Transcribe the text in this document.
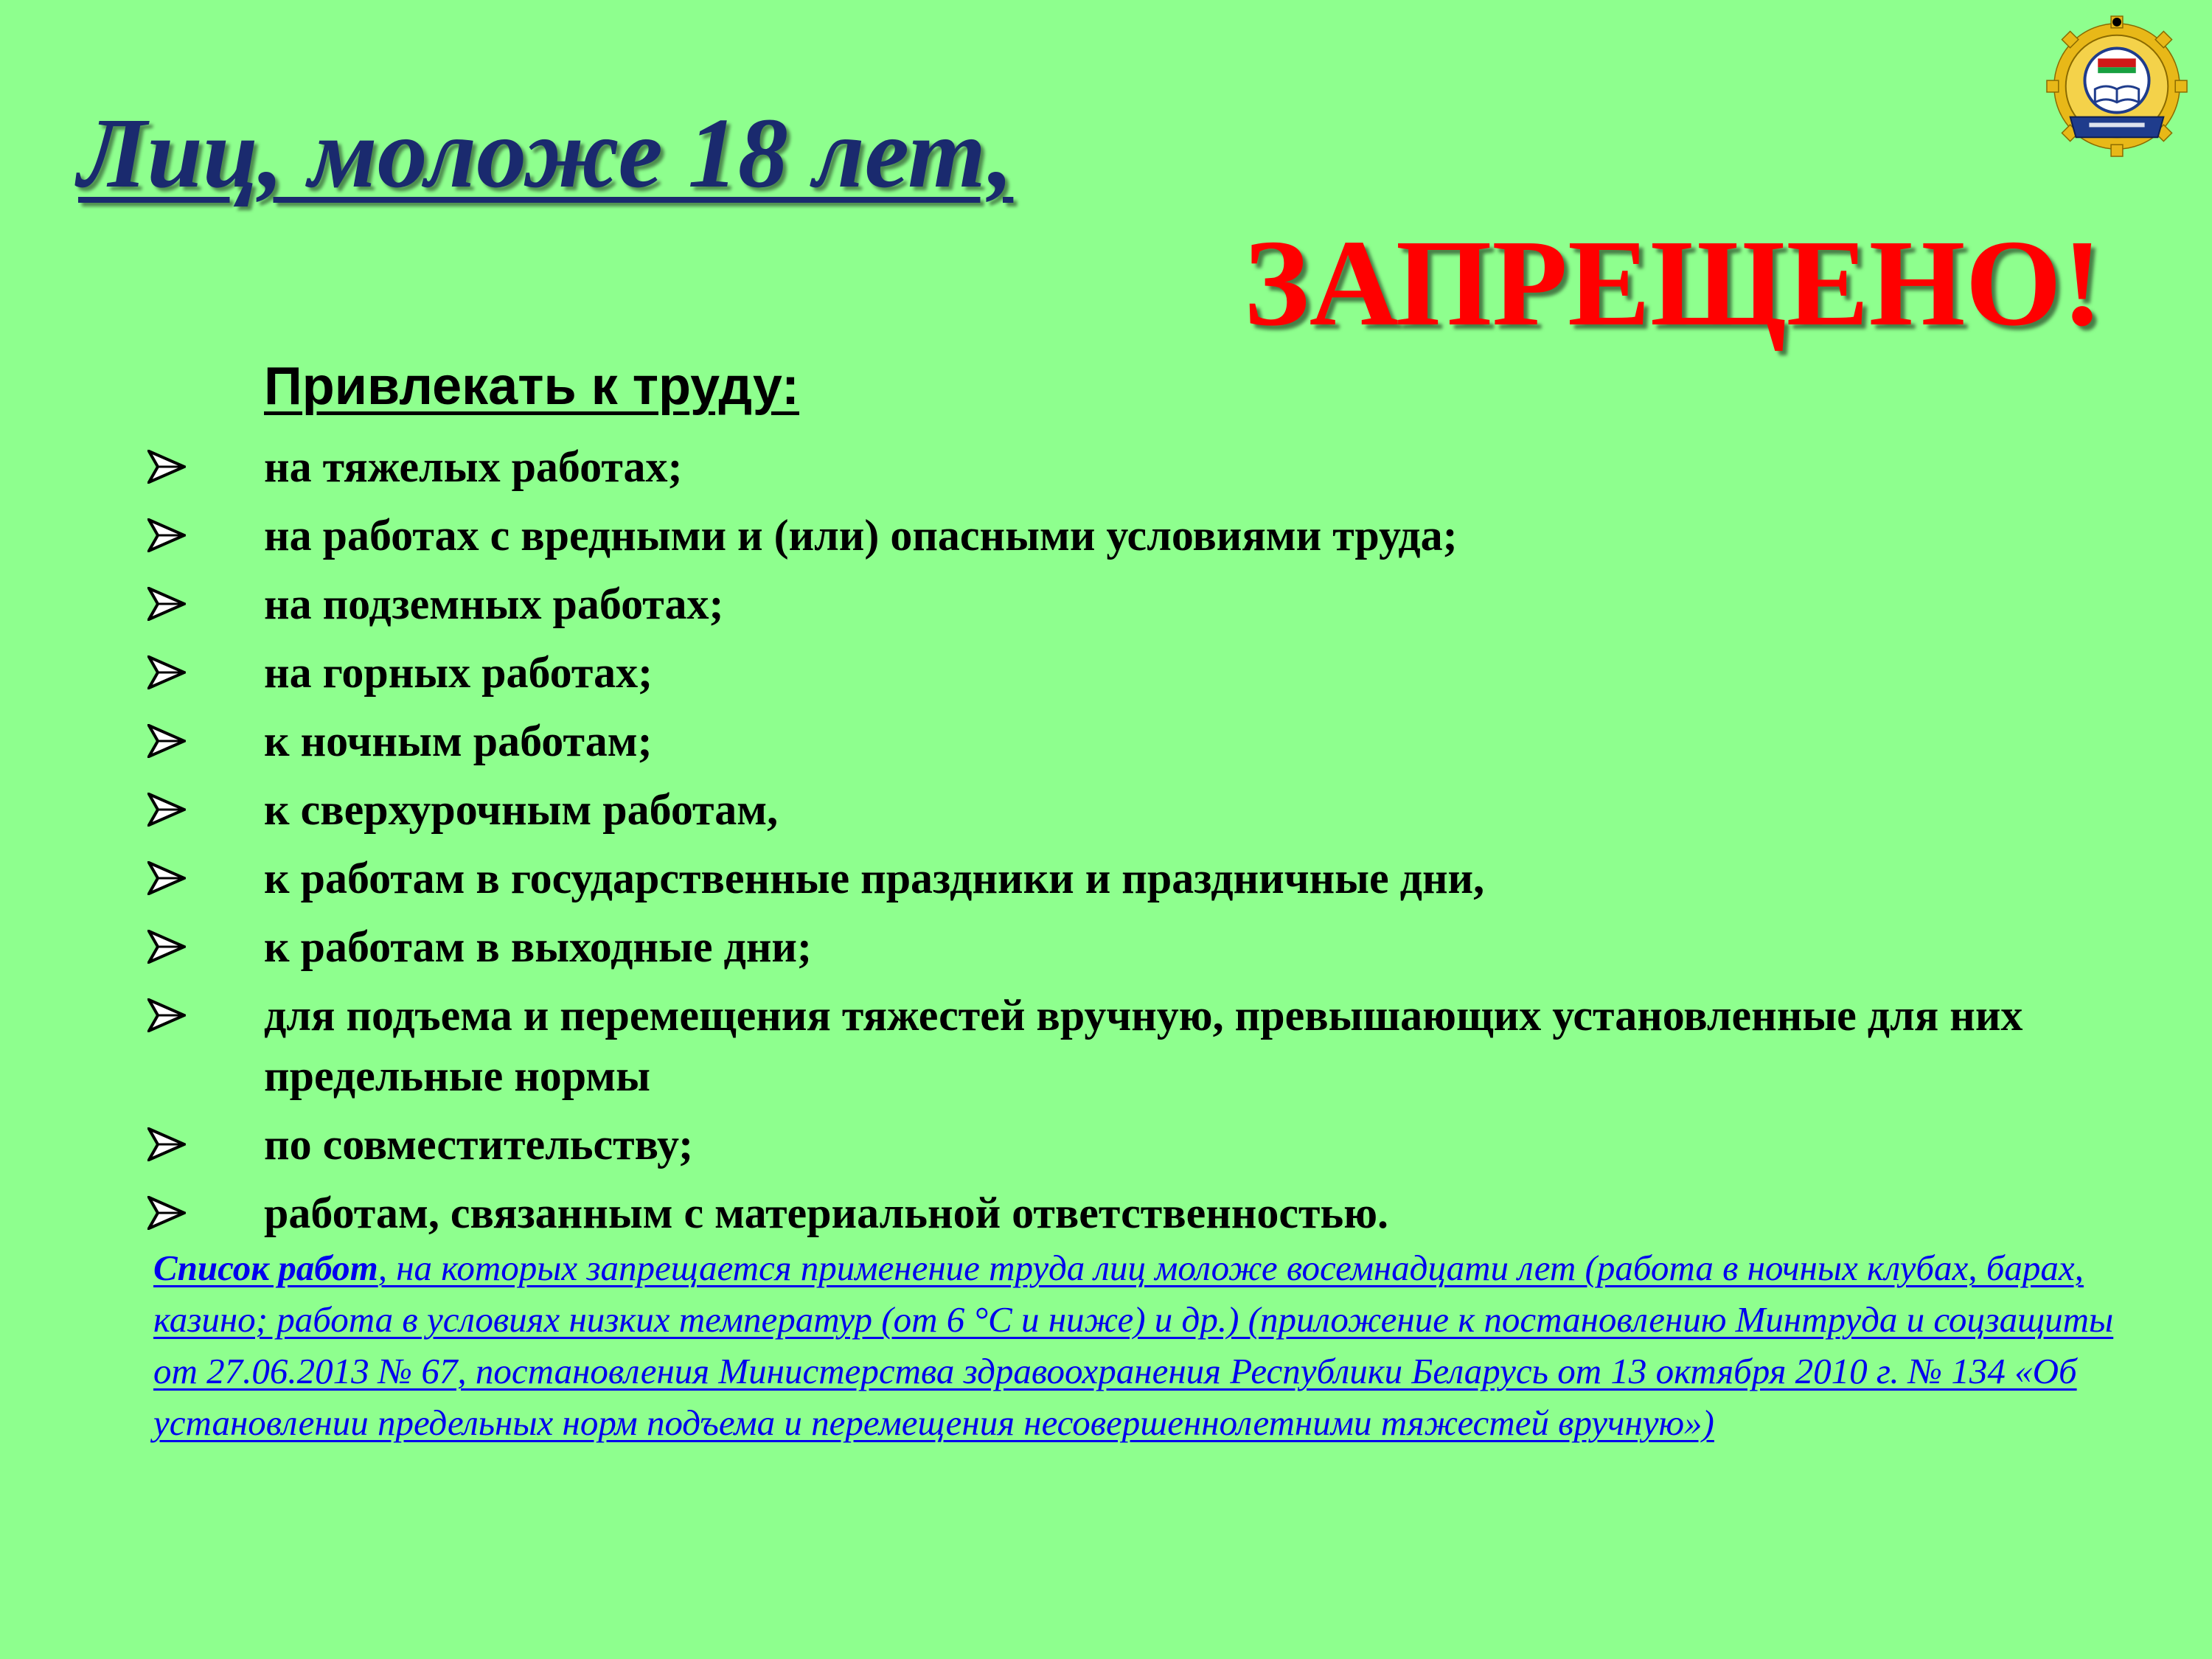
Лиц, моложе 18 лет,
ЗАПРЕЩЕНО!
Привлекать к труду:
на тяжелых работах;
на работах с вредными и (или) опасными условиями труда;
на подземных работах;
на горных работах;
к ночным работам;
к сверхурочным работам,
к работам в государственные праздники и праздничные дни,
к работам в выходные дни;
для подъема и перемещения тяжестей вручную, превышающих установленные для них предельные нормы
по совместительству;
работам, связанным с материальной ответственностью.

Список работ, на которых запрещается применение труда лиц моложе восемнадцати лет (работа в ночных клубах, барах, казино; работа в условиях низких температур (от 6 °С и ниже) и др.) (приложение к постановлению Минтруда и соцзащиты от 27.06.2013 № 67, постановления Министерства здравоохранения Республики Беларусь от 13 октября 2010 г. № 134 «Об установлении предельных норм подъема и перемещения несовершеннолетними тяжестей вручную»)
